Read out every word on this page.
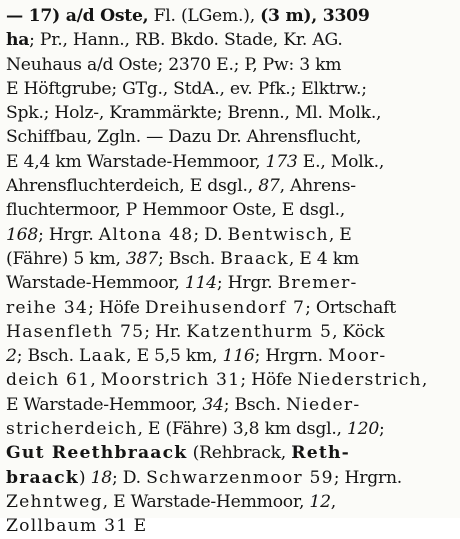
— 17) a/d Oste, Fl. (LGem.), (3 m), 3309
ha; Pr., Hann., RB. Bkdo. Stade, Kr. AG.
Neuhaus a/d Oste; 2370 E.; P, Pw: 3 km
E Höftgrube; GTg., StdA., ev. Pfk.; Elktrw.;
Spk.; Holz-, Krammärkte; Brenn., Ml. Molk.,
Schiffbau, Zgln. — Dazu Dr. Ahrensflucht,
E 4,4 km Warstade-Hemmoor, 173 E., Molk.,
Ahrensfluchterdeich, E dsgl., 87, Ahrens-
fluchtermoor, P Hemmoor Oste, E dsgl.,
168; Hrgr. Altona 48; D. Bentwisch, E
(Fähre) 5 km, 387; Bsch. Braack, E 4 km
Warstade-Hemmoor, 114; Hrgr. Bremer-
reihe 34; Höfe Dreihusendorf 7; Ortschaft
Hasenfleth 75; Hr. Katzenthurm 5, Köck
2; Bsch. Laak, E 5,5 km, 116; Hrgrn. Moor-
deich 61, Moorstrich 31; Höfe Niederstrich,
E Warstade-Hemmoor, 34; Bsch. Nieder-
stricherdeich, E (Fähre) 3,8 km dsgl., 120;
Gut Reethbraack (Rehbrack, Reth-
braack) 18; D. Schwarzenmoor 59; Hrgrn.
Zehntweg, E Warstade-Hemmoor, 12,
Zollbaum 31 E
